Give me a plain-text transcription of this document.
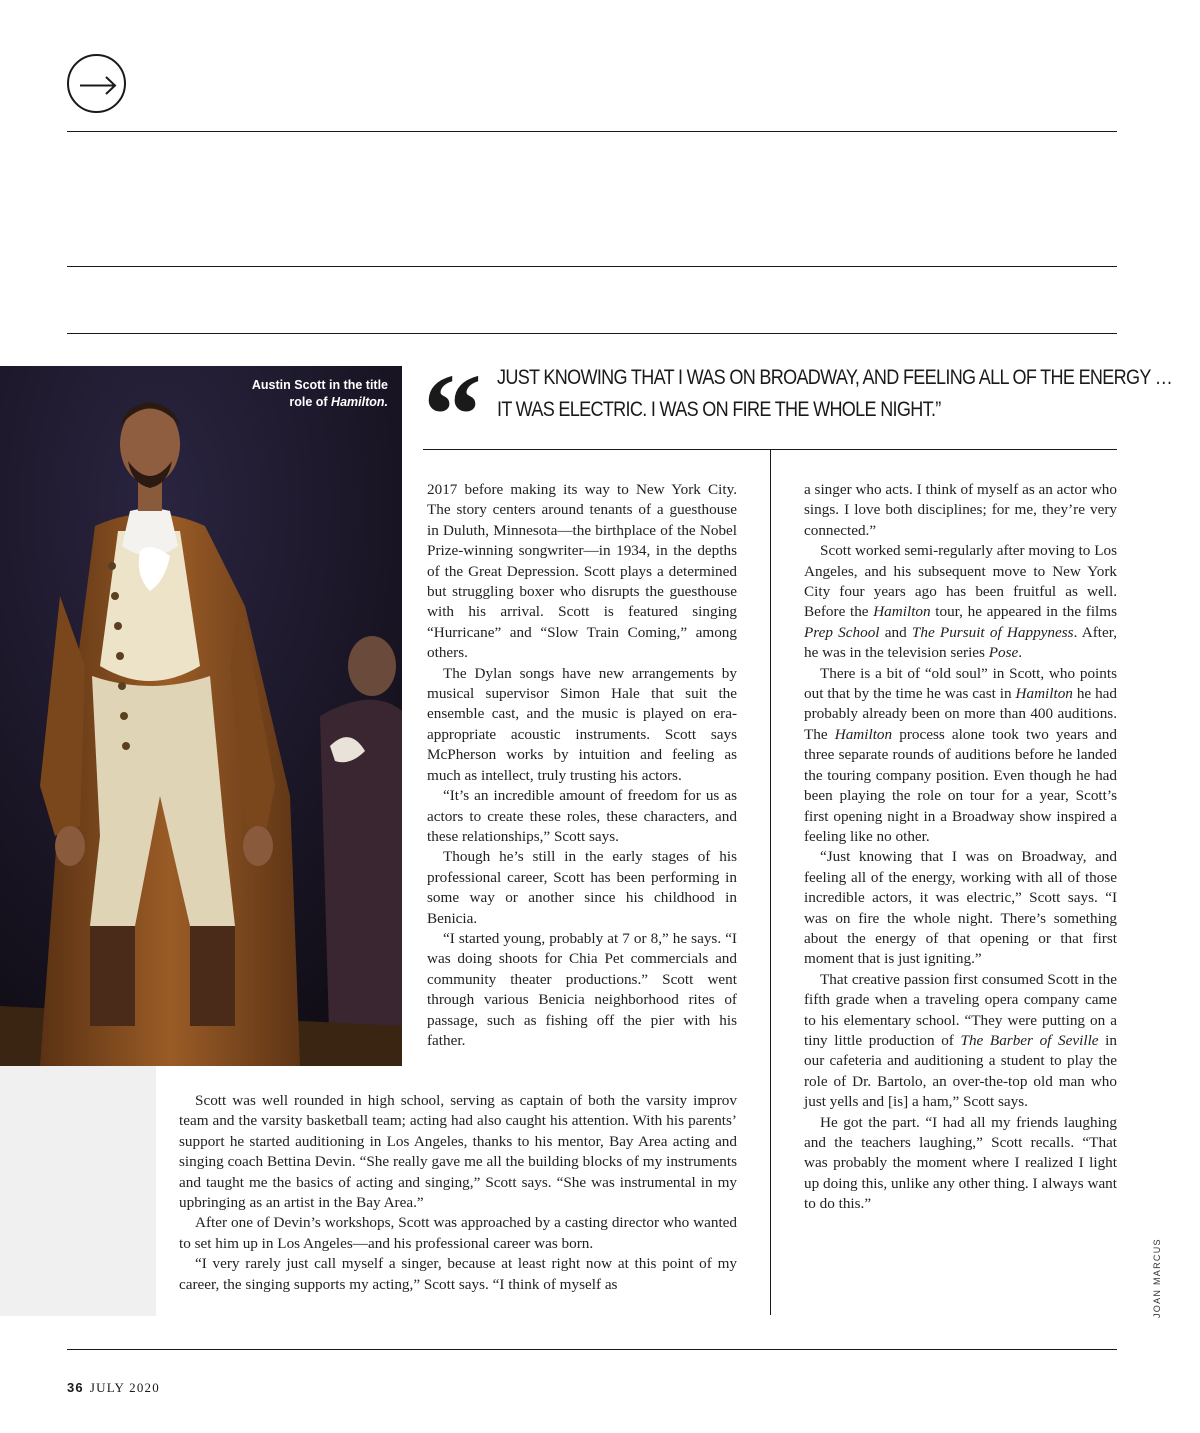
Austin Scott in the title
role of Hamilton. “ JUST KNOWING THAT I WAS ON BROADWAY, AND FEELING ALL OF THE ENERGY …
IT WAS ELECTRIC. I WAS ON FIRE THE WHOLE NIGHT.”

2017 before making its way to New York City. The story centers around tenants of a guesthouse in Duluth, Minnesota—the birthplace of the Nobel Prize-winning songwriter—in 1934, in the depths of the Great Depression. Scott plays a determined but struggling boxer who disrupts the guesthouse with his arrival. Scott is featured singing “Hurricane” and “Slow Train Coming,” among others.

The Dylan songs have new arrangements by musical supervisor Simon Hale that suit the ensemble cast, and the music is played on era-appropriate acoustic instruments. Scott says McPherson works by intuition and feeling as much as intellect, truly trusting his actors.

“It’s an incredible amount of freedom for us as actors to create these roles, these characters, and these relationships,” Scott says.

Though he’s still in the early stages of his professional career, Scott has been performing in some way or another since his childhood in Benicia.

“I started young, probably at 7 or 8,” he says. “I was doing shoots for Chia Pet commercials and community theater productions.” Scott went through various Benicia neighborhood rites of passage, such as fishing off the pier with his father.

Scott was well rounded in high school, serving as captain of both the varsity improv team and the varsity basketball team; acting had also caught his attention. With his parents’ support he started auditioning in Los Angeles, thanks to his mentor, Bay Area acting and singing coach Bettina Devin. “She really gave me all the building blocks of my instruments and taught me the basics of acting and singing,” Scott says. “She was instrumental in my upbringing as an artist in the Bay Area.”

After one of Devin’s workshops, Scott was approached by a casting director who wanted to set him up in Los Angeles—and his professional career was born.

“I very rarely just call myself a singer, because at least right now at this point of my career, the singing supports my acting,” Scott says. “I think of myself as

a singer who acts. I think of myself as an actor who sings. I love both disciplines; for me, they’re very connected.”

Scott worked semi-regularly after moving to Los Angeles, and his subsequent move to New York City four years ago has been fruitful as well. Before the Hamilton tour, he appeared in the films Prep School and The Pursuit of Happyness. After, he was in the television series Pose.

There is a bit of “old soul” in Scott, who points out that by the time he was cast in Hamilton he had probably already been on more than 400 auditions. The Hamilton process alone took two years and three separate rounds of auditions before he landed the touring company position. Even though he had been playing the role on tour for a year, Scott’s first opening night in a Broadway show inspired a feeling like no other.

“Just knowing that I was on Broadway, and feeling all of the energy, working with all of those incredible actors, it was electric,” Scott says. “I was on fire the whole night. There’s something about the energy of that opening or that first moment that is just igniting.”

That creative passion first consumed Scott in the fifth grade when a traveling opera company came to his elementary school. “They were putting on a tiny little production of The Barber of Seville in our cafeteria and auditioning a student to play the role of Dr. Bartolo, an over-the-top old man who just yells and [is] a ham,” Scott says.

He got the part. “I had all my friends laughing and the teachers laughing,” Scott recalls. “That was probably the moment where I realized I light up doing this, unlike any other thing. I always want to do this.”

36 JULY 2020
JOAN MARCUS
